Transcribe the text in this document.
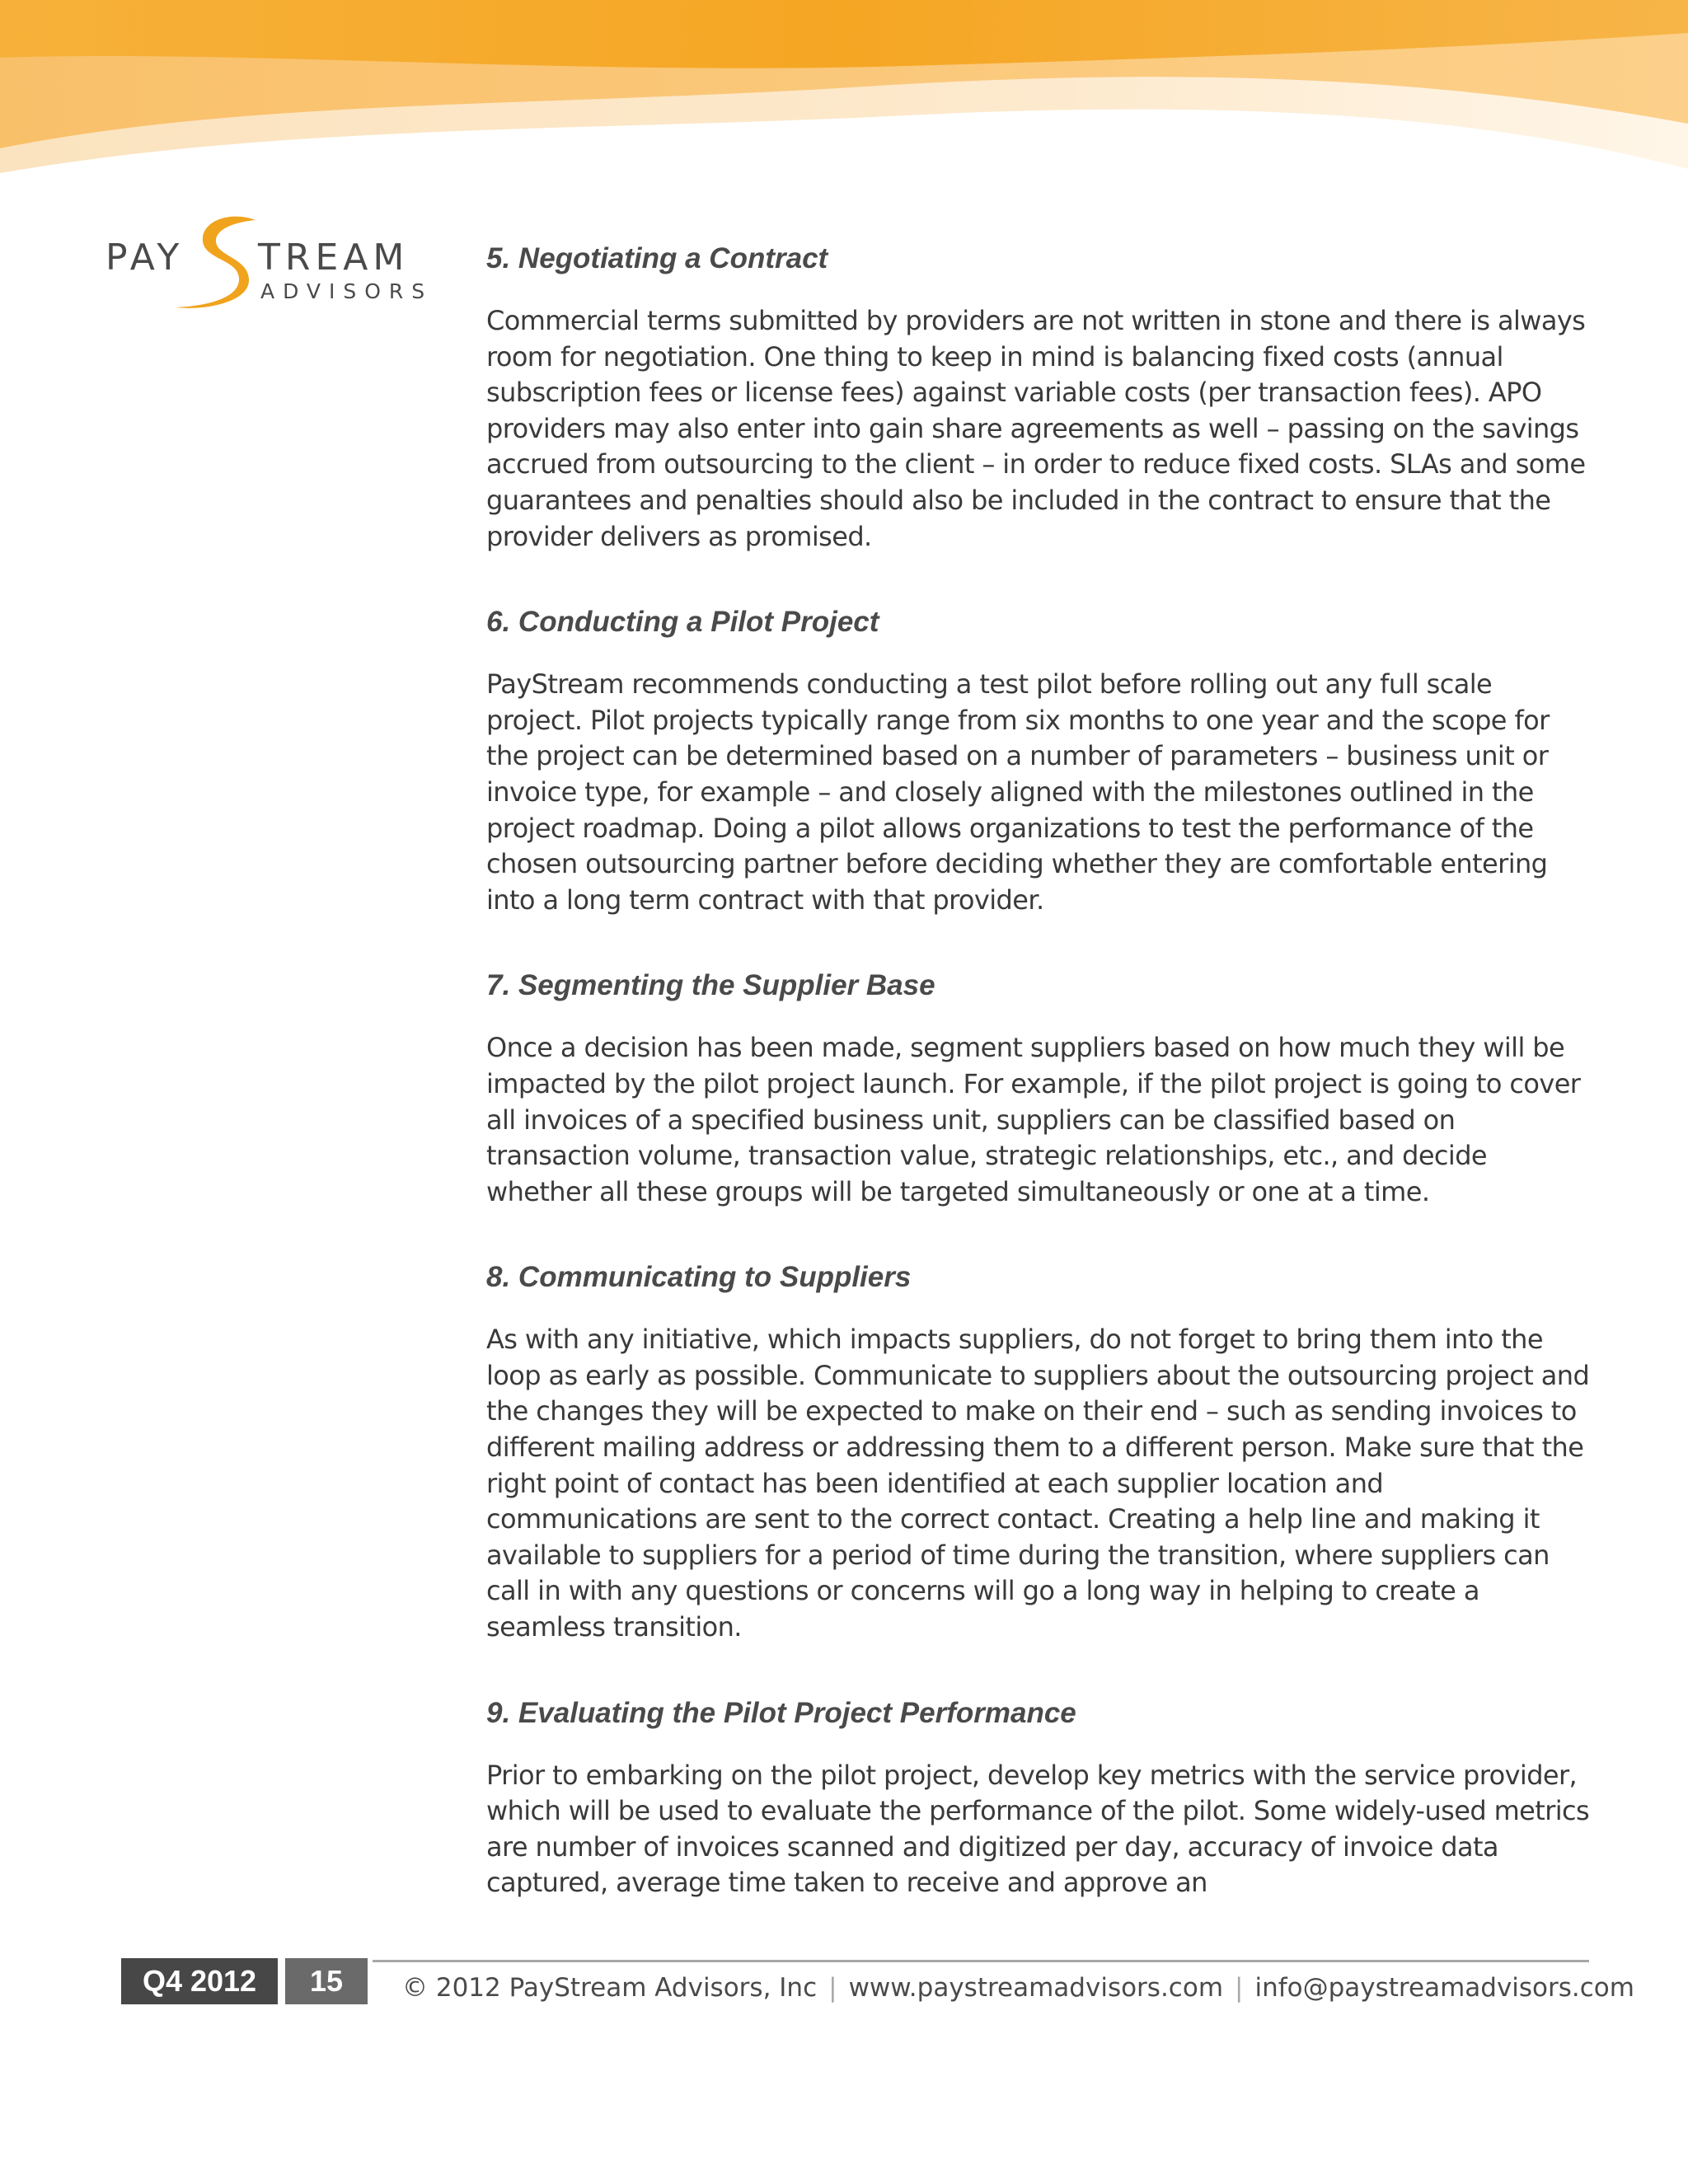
PAY TREAM
ADVISORS
5. Negotiating a Contract

Commercial terms submitted by providers are not written in stone and there is always room for negotiation. One thing to keep in mind is balancing fixed costs (annual subscription fees or license fees) against variable costs (per transaction fees). APO providers may also enter into gain share agreements as well – passing on the savings accrued from outsourcing to the client – in order to reduce fixed costs. SLAs and some guarantees and penalties should also be included in the contract to ensure that the provider delivers as promised.

6. Conducting a Pilot Project

PayStream recommends conducting a test pilot before rolling out any full scale project. Pilot projects typically range from six months to one year and the scope for the project can be determined based on a number of parameters – business unit or invoice type, for example – and closely aligned with the milestones outlined in the project roadmap. Doing a pilot allows organizations to test the performance of the chosen outsourcing partner before deciding whether they are comfortable entering into a long term contract with that provider.

7. Segmenting the Supplier Base

Once a decision has been made, segment suppliers based on how much they will be impacted by the pilot project launch. For example, if the pilot project is going to cover all invoices of a specified business unit, suppliers can be classified based on transaction volume, transaction value, strategic relationships, etc., and decide whether all these groups will be targeted simultaneously or one at a time.

8. Communicating to Suppliers

As with any initiative, which impacts suppliers, do not forget to bring them into the loop as early as possible. Communicate to suppliers about the outsourcing project and the changes they will be expected to make on their end – such as sending invoices to different mailing address or addressing them to a different person. Make sure that the right point of contact has been identified at each supplier location and communications are sent to the correct contact. Creating a help line and making it available to suppliers for a period of time during the transition, where suppliers can call in with any questions or concerns will go a long way in helping to create a seamless transition.

9. Evaluating the Pilot Project Performance

Prior to embarking on the pilot project, develop key metrics with the service provider, which will be used to evaluate the performance of the pilot. Some widely-used metrics are number of invoices scanned and digitized per day, accuracy of invoice data captured, average time taken to receive and approve an

Q4 2012	15	© 2012 PayStream Advisors, Inc | www.paystreamadvisors.com | info@paystreamadvisors.com
